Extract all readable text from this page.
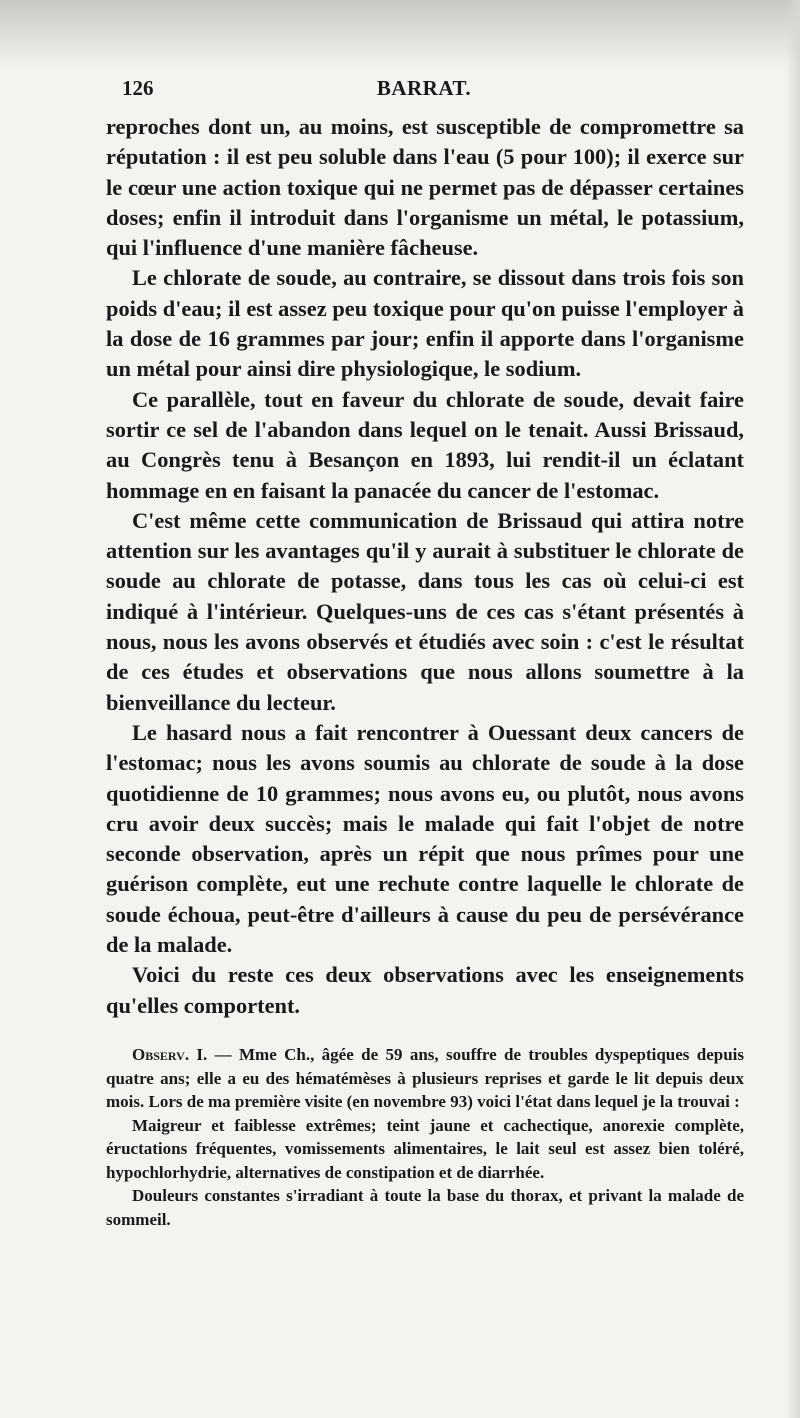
126	BARRAT.

reproches dont un, au moins, est susceptible de compromettre sa réputation : il est peu soluble dans l'eau (5 pour 100); il exerce sur le cœur une action toxique qui ne permet pas de dépasser certaines doses; enfin il introduit dans l'organisme un métal, le potassium, qui l'influence d'une manière fâcheuse.

Le chlorate de soude, au contraire, se dissout dans trois fois son poids d'eau; il est assez peu toxique pour qu'on puisse l'employer à la dose de 16 grammes par jour; enfin il apporte dans l'organisme un métal pour ainsi dire physiologique, le sodium.

Ce parallèle, tout en faveur du chlorate de soude, devait faire sortir ce sel de l'abandon dans lequel on le tenait. Aussi Brissaud, au Congrès tenu à Besançon en 1893, lui rendit-il un éclatant hommage en en faisant la panacée du cancer de l'estomac.

C'est même cette communication de Brissaud qui attira notre attention sur les avantages qu'il y aurait à substituer le chlorate de soude au chlorate de potasse, dans tous les cas où celui-ci est indiqué à l'intérieur. Quelques-uns de ces cas s'étant présentés à nous, nous les avons observés et étudiés avec soin : c'est le résultat de ces études et observations que nous allons soumettre à la bienveillance du lecteur.

Le hasard nous a fait rencontrer à Ouessant deux cancers de l'estomac; nous les avons soumis au chlorate de soude à la dose quotidienne de 10 grammes; nous avons eu, ou plutôt, nous avons cru avoir deux succès; mais le malade qui fait l'objet de notre seconde observation, après un répit que nous prîmes pour une guérison complète, eut une rechute contre laquelle le chlorate de soude échoua, peut-être d'ailleurs à cause du peu de persévérance de la malade.

Voici du reste ces deux observations avec les enseignements qu'elles comportent.

Observ. I. — Mme Ch., âgée de 59 ans, souffre de troubles dyspeptiques depuis quatre ans; elle a eu des hématémèses à plusieurs reprises et garde le lit depuis deux mois. Lors de ma première visite (en novembre 93) voici l'état dans lequel je la trouvai :

Maigreur et faiblesse extrêmes; teint jaune et cachectique, anorexie complète, éructations fréquentes, vomissements alimentaires, le lait seul est assez bien toléré, hypochlorhydrie, alternatives de constipation et de diarrhée.

Douleurs constantes s'irradiant à toute la base du thorax, et privant la malade de sommeil.
